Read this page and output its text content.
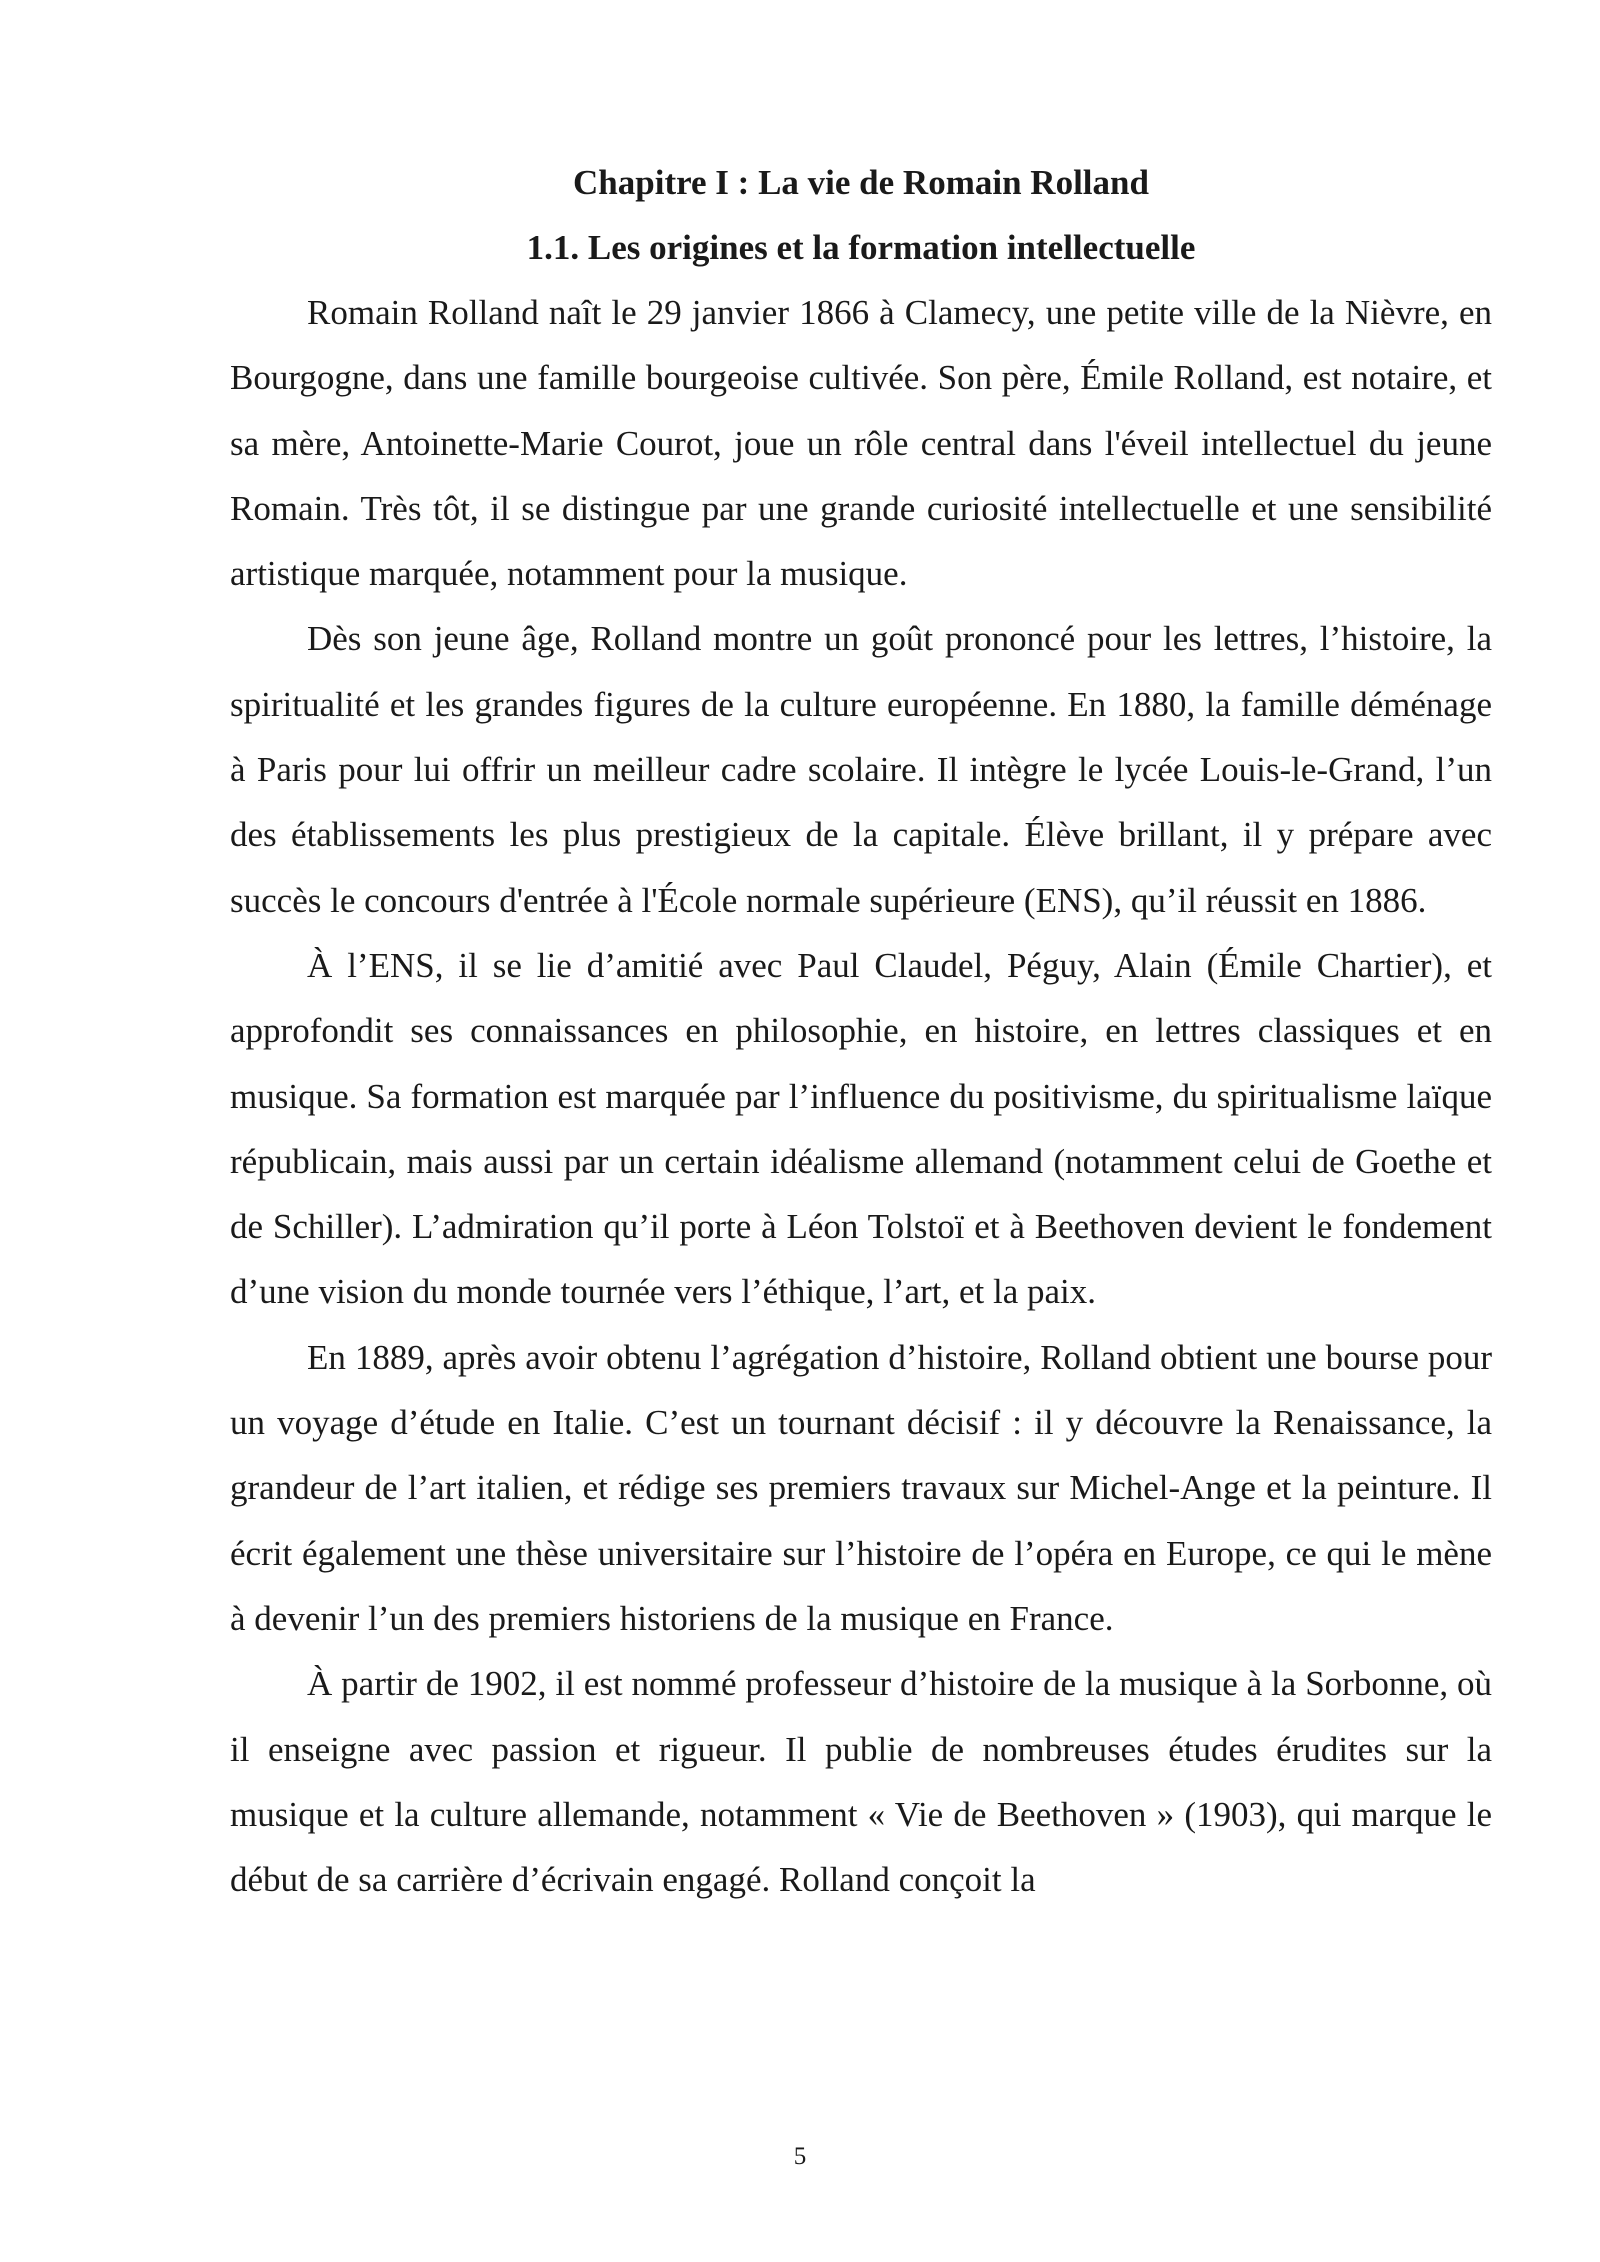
Chapitre I : La vie de Romain Rolland
1.1. Les origines et la formation intellectuelle

Romain Rolland naît le 29 janvier 1866 à Clamecy, une petite ville de la Nièvre, en Bourgogne, dans une famille bourgeoise cultivée. Son père, Émile Rolland, est notaire, et sa mère, Antoinette-Marie Courot, joue un rôle central dans l'éveil intellectuel du jeune Romain. Très tôt, il se distingue par une grande curiosité intellectuelle et une sensibilité artistique marquée, notamment pour la musique.

Dès son jeune âge, Rolland montre un goût prononcé pour les lettres, l’histoire, la spiritualité et les grandes figures de la culture européenne. En 1880, la famille déménage à Paris pour lui offrir un meilleur cadre scolaire. Il intègre le lycée Louis-le-Grand, l’un des établissements les plus prestigieux de la capitale. Élève brillant, il y prépare avec succès le concours d'entrée à l'École normale supérieure (ENS), qu’il réussit en 1886.

À l’ENS, il se lie d’amitié avec Paul Claudel, Péguy, Alain (Émile Chartier), et approfondit ses connaissances en philosophie, en histoire, en lettres classiques et en musique. Sa formation est marquée par l’influence du positivisme, du spiritualisme laïque républicain, mais aussi par un certain idéalisme allemand (notamment celui de Goethe et de Schiller). L’admiration qu’il porte à Léon Tolstoï et à Beethoven devient le fondement d’une vision du monde tournée vers l’éthique, l’art, et la paix.

En 1889, après avoir obtenu l’agrégation d’histoire, Rolland obtient une bourse pour un voyage d’étude en Italie. C’est un tournant décisif : il y découvre la Renaissance, la grandeur de l’art italien, et rédige ses premiers travaux sur Michel-Ange et la peinture. Il écrit également une thèse universitaire sur l’histoire de l’opéra en Europe, ce qui le mène à devenir l’un des premiers historiens de la musique en France.

À partir de 1902, il est nommé professeur d’histoire de la musique à la Sorbonne, où il enseigne avec passion et rigueur. Il publie de nombreuses études érudites sur la musique et la culture allemande, notamment « Vie de Beethoven » (1903), qui marque le début de sa carrière d’écrivain engagé. Rolland conçoit la

5
